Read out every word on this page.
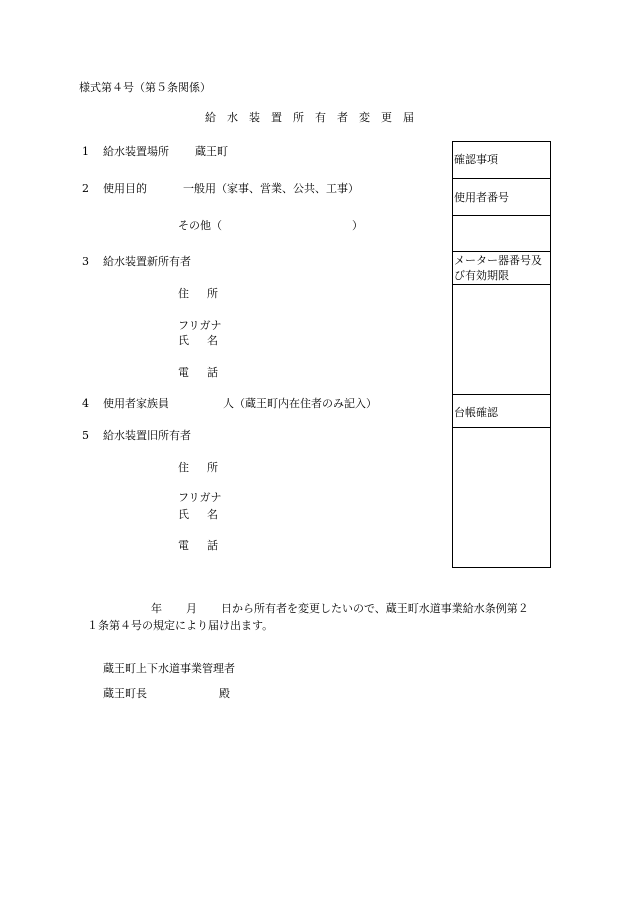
様式第４号（第５条関係）
給水装置所有者変更届
1 給水装置場所 蔵王町
2 使用目的	一般用（家事、営業、公共、工事）
その他（	）
3 給水装置新所有者
住所
フリガナ
氏名
電話
4 使用者家族員	人（蔵王町内在住者のみ記入）
5 給水装置旧所有者
住所
フリガナ
氏名
電話
確認事項
使用者番号
メーター器番号及び有効期限
台帳確認
年 月 日から所有者を変更したいので、蔵王町水道事業給水条例第２
１条第４号の規定により届け出ます。
蔵王町上下水道事業管理者
蔵王町長	殿
